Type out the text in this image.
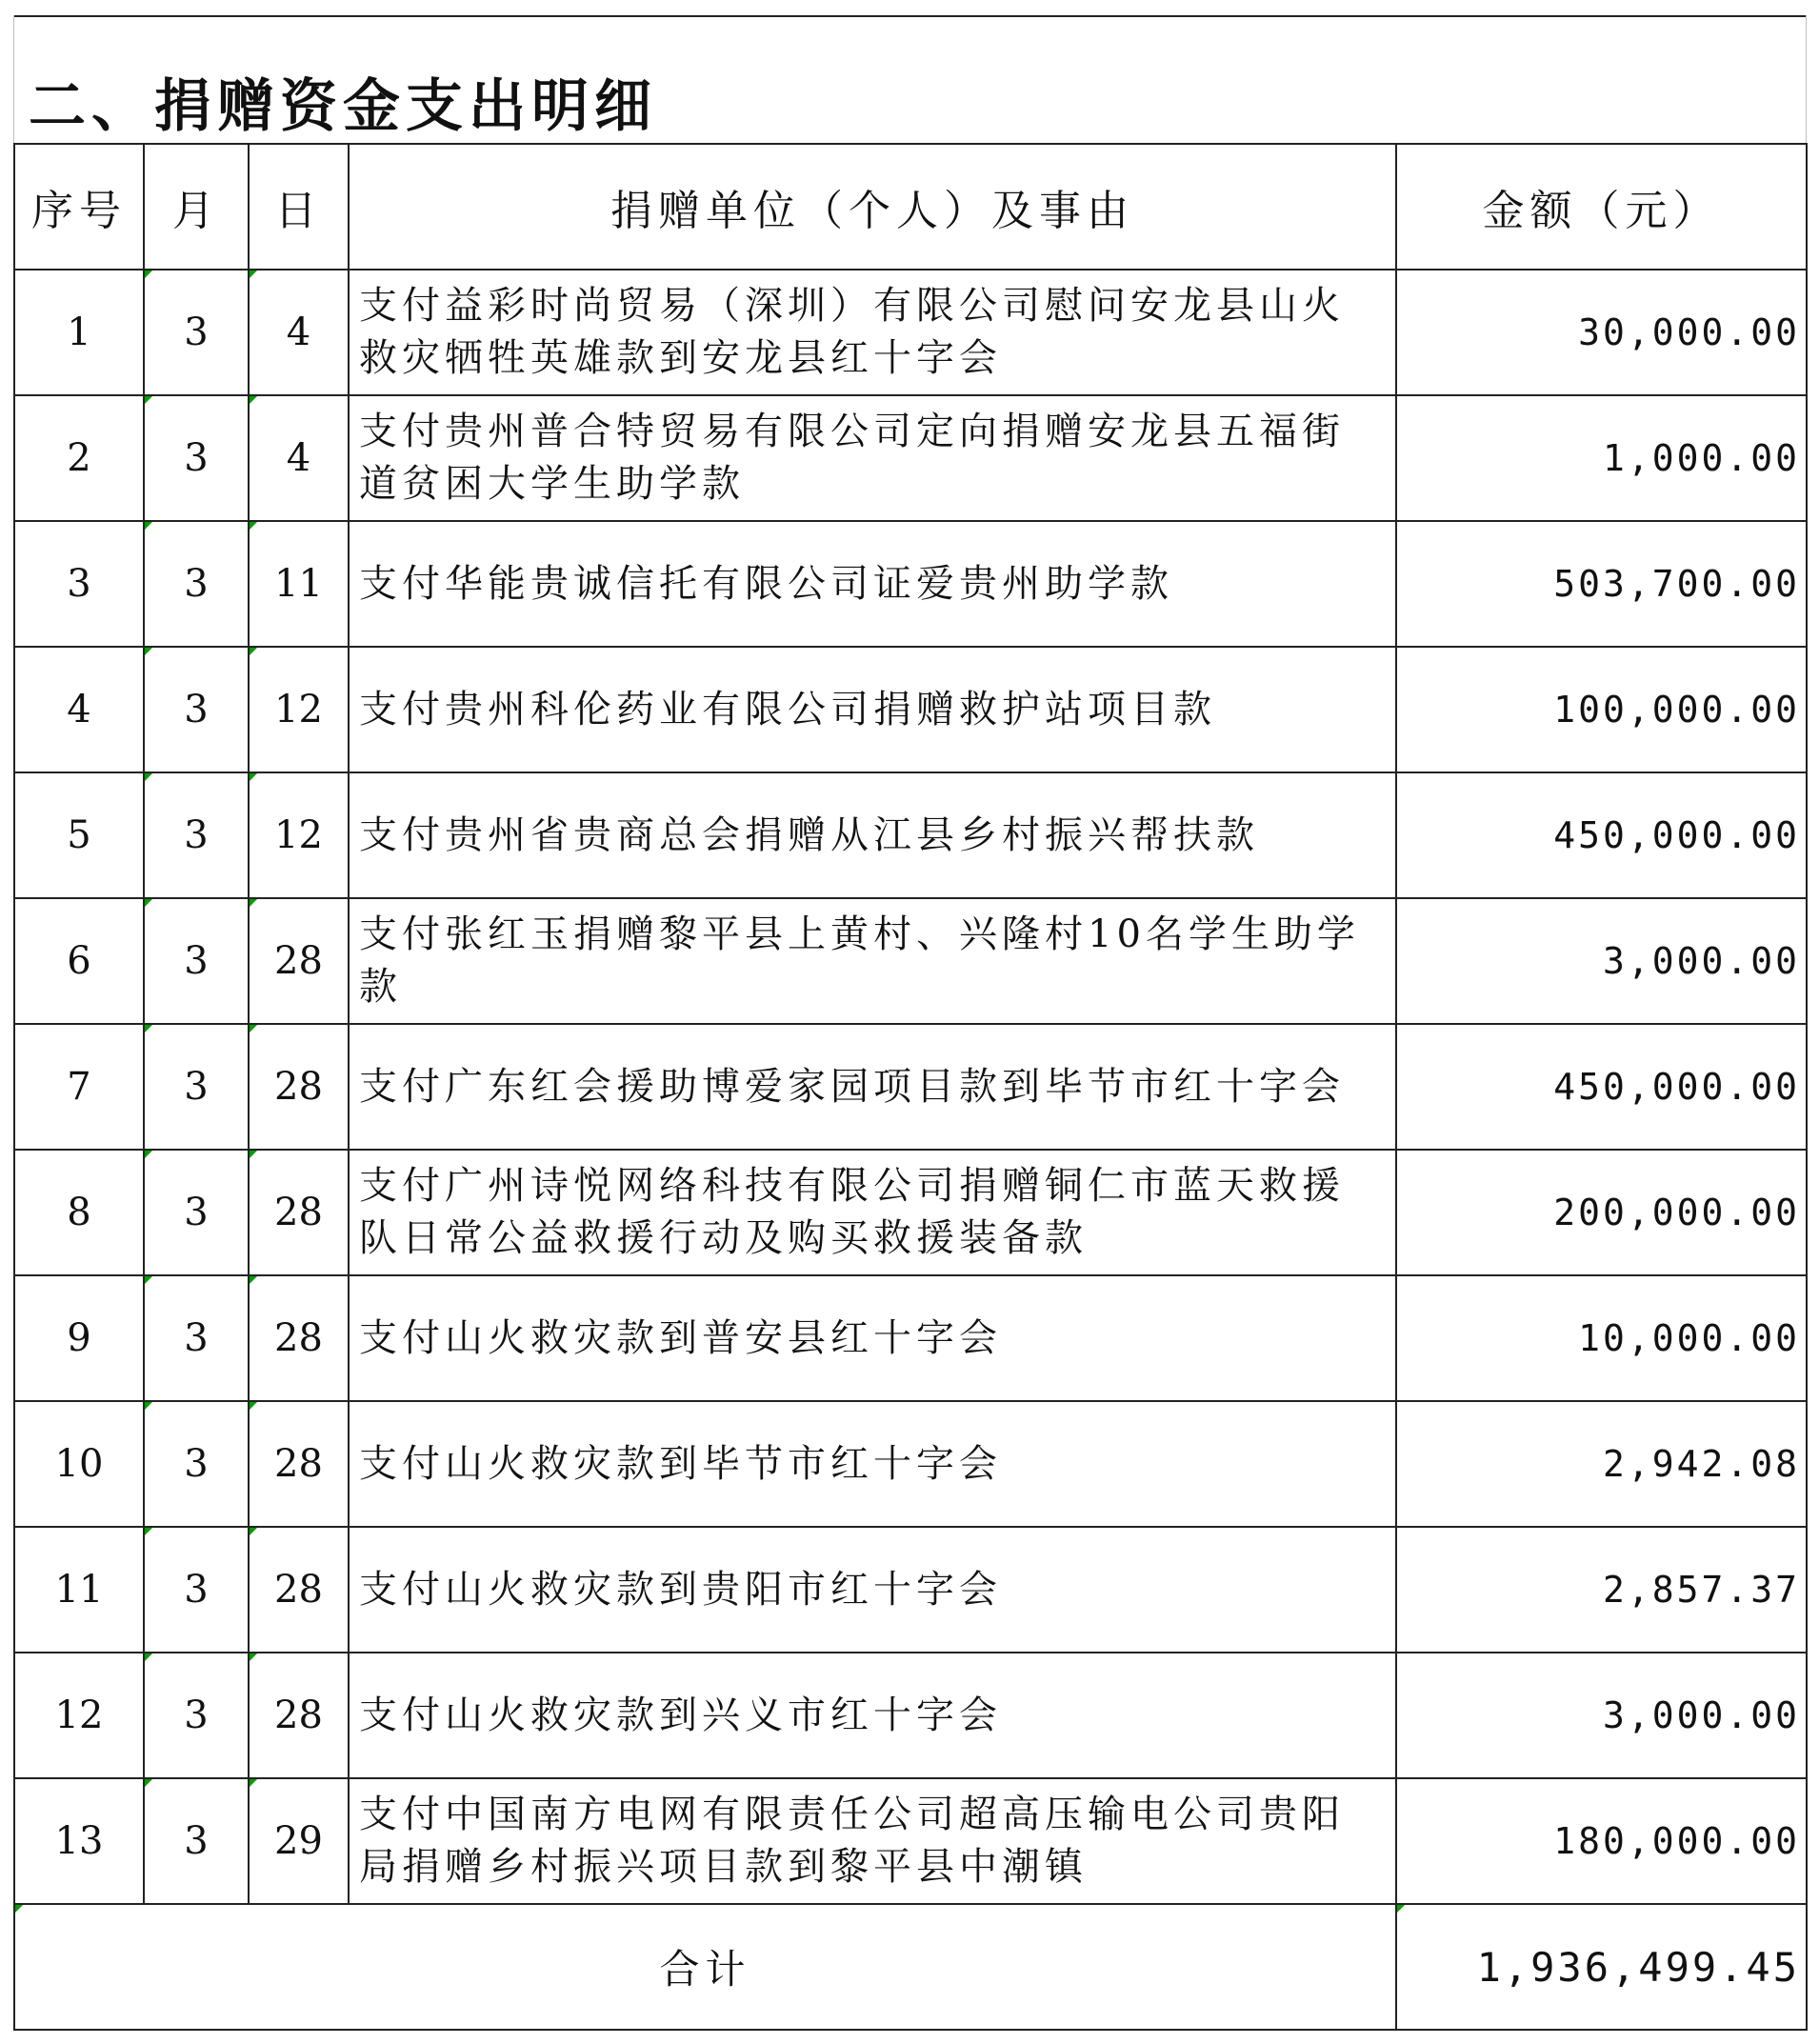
二、捐赠资金支出明细
序号	月	日	捐赠单位（个人）及事由	金额（元）
1	3	4	支付益彩时尚贸易（深圳）有限公司慰问安龙县山火救灾牺牲英雄款到安龙县红十字会	30,000.00
2	3	4	支付贵州普合特贸易有限公司定向捐赠安龙县五福街道贫困大学生助学款	1,000.00
3	3	11	支付华能贵诚信托有限公司证爱贵州助学款	503,700.00
4	3	12	支付贵州科伦药业有限公司捐赠救护站项目款	100,000.00
5	3	12	支付贵州省贵商总会捐赠从江县乡村振兴帮扶款	450,000.00
6	3	28	支付张红玉捐赠黎平县上黄村、兴隆村10名学生助学款	3,000.00
7	3	28	支付广东红会援助博爱家园项目款到毕节市红十字会	450,000.00
8	3	28	支付广州诗悦网络科技有限公司捐赠铜仁市蓝天救援队日常公益救援行动及购买救援装备款	200,000.00
9	3	28	支付山火救灾款到普安县红十字会	10,000.00
10	3	28	支付山火救灾款到毕节市红十字会	2,942.08
11	3	28	支付山火救灾款到贵阳市红十字会	2,857.37
12	3	28	支付山火救灾款到兴义市红十字会	3,000.00
13	3	29	支付中国南方电网有限责任公司超高压输电公司贵阳局捐赠乡村振兴项目款到黎平县中潮镇	180,000.00

合计				1,936,499.45
